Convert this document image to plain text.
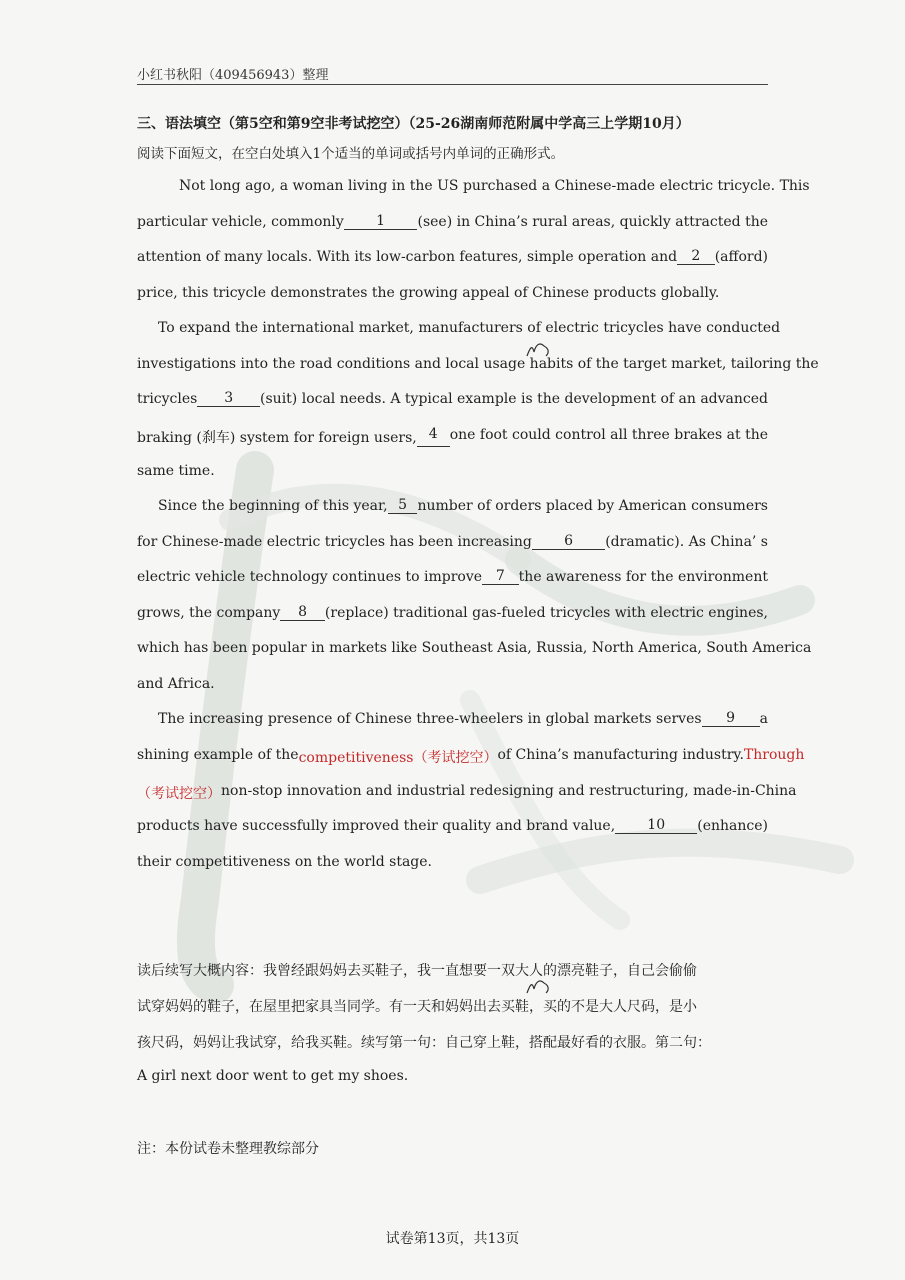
小红书秋阳（409456943）整理
三、语法填空（第5空和第9空非考试挖空）（25-26湖南师范附属中学高三上学期10月）
阅读下面短文，在空白处填入1个适当的单词或括号内单词的正确形式。
Not long ago, a woman living in the US purchased a Chinese-made electric tricycle. This
particular vehicle, commonly	1	(see) in China’s rural areas, quickly attracted the
attention of many locals. With its low-carbon features, simple operation and	2	(afford)
price, this tricycle demonstrates the growing appeal of Chinese products globally.
To expand the international market, manufacturers of electric tricycles have conducted
investigations into the road conditions and local usage habits of the target market, tailoring the
tricycles	3	(suit) local needs. A typical example is the development of an advanced
braking (刹车) system for foreign users, 4 one foot could control all three brakes at the
same time.
Since the beginning of this year, 5 number of orders placed by American consumers
for Chinese-made electric tricycles has been increasing	6	(dramatic). As China’ s
electric vehicle technology continues to improve 7 the awareness for the environment
grows, the company	8	(replace) traditional gas-fueled tricycles with electric engines,
which has been popular in markets like Southeast Asia, Russia, North America, South America
and Africa.
The increasing presence of Chinese three-wheelers in global markets serves	9	a
shining example of the competitiveness（考试挖空） of China’s manufacturing industry. Through
（考试挖空） non-stop innovation and industrial redesigning and restructuring, made-in-China
products have successfully improved their quality and brand value,	10	(enhance)
their competitiveness on the world stage.
读后续写大概内容：我曾经跟妈妈去买鞋子，我一直想要一双大人的漂亮鞋子，自己会偷偷
试穿妈妈的鞋子，在屋里把家具当同学。有一天和妈妈出去买鞋，买的不是大人尺码，是小
孩尺码，妈妈让我试穿，给我买鞋。续写第一句：自己穿上鞋，搭配最好看的衣服。第二句：
A girl next door went to get my shoes.
注：本份试卷未整理教综部分
试卷第13页，共13页
